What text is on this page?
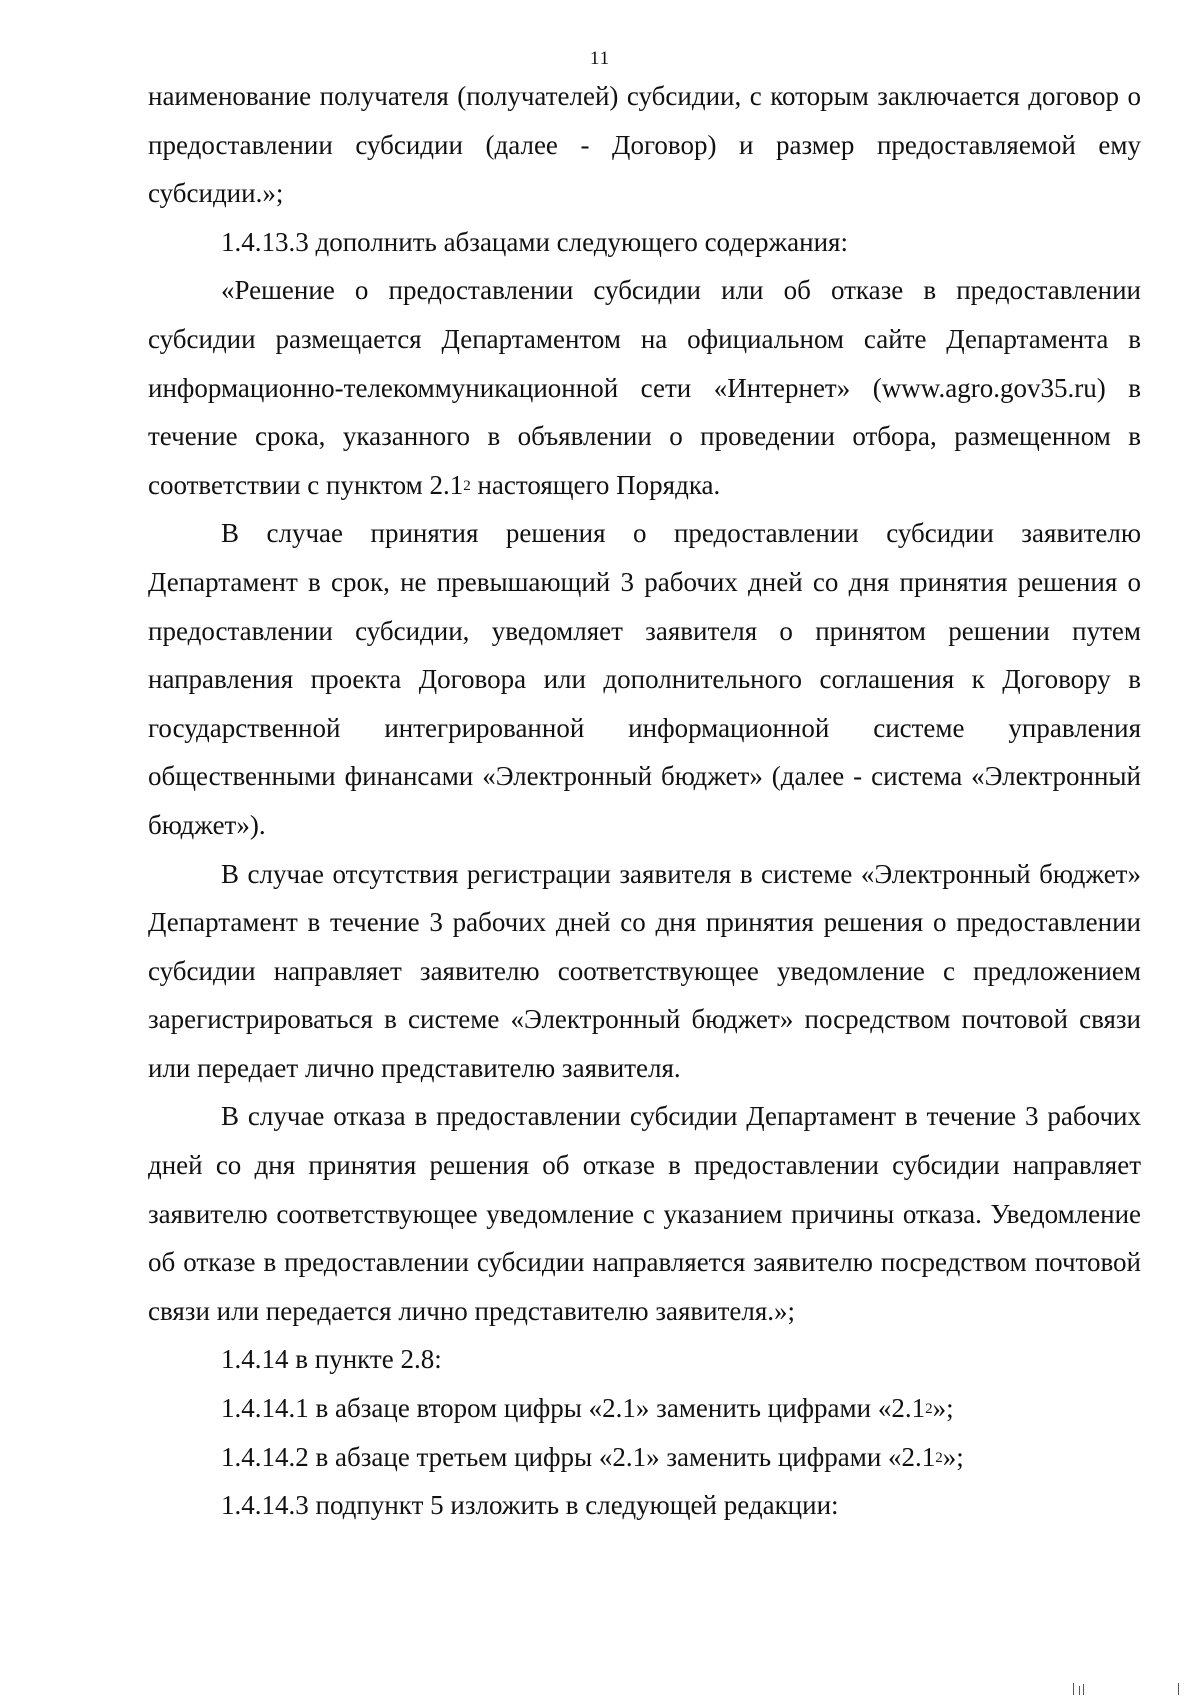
11

наименование получателя (получателей) субсидии, с которым заключается договор о предоставлении субсидии (далее - Договор) и размер предоставляемой ему субсидии.»;

1.4.13.3 дополнить абзацами следующего содержания:

«Решение о предоставлении субсидии или об отказе в предоставлении субсидии размещается Департаментом на официальном сайте Департамента в информационно-телекоммуникационной сети «Интернет» (www.agro.gov35.ru) в течение срока, указанного в объявлении о проведении отбора, размещенном в соответствии с пунктом $2.1^2$ настоящего Порядка.

В случае принятия решения о предоставлении субсидии заявителю Департамент в срок, не превышающий 3 рабочих дней со дня принятия решения о предоставлении субсидии, уведомляет заявителя о принятом решении путем направления проекта Договора или дополнительного соглашения к Договору в государственной интегрированной информационной системе управления общественными финансами «Электронный бюджет» (далее - система «Электронный бюджет»).

В случае отсутствия регистрации заявителя в системе «Электронный бюджет» Департамент в течение 3 рабочих дней со дня принятия решения о предоставлении субсидии направляет заявителю соответствующее уведомление с предложением зарегистрироваться в системе «Электронный бюджет» посредством почтовой связи или передает лично представителю заявителя.

В случае отказа в предоставлении субсидии Департамент в течение 3 рабочих дней со дня принятия решения об отказе в предоставлении субсидии направляет заявителю соответствующее уведомление с указанием причины отказа. Уведомление об отказе в предоставлении субсидии направляется заявителю посредством почтовой связи или передается лично представителю заявителя.»;

1.4.14 в пункте 2.8:

1.4.14.1 в абзаце втором цифры «2.1» заменить цифрами «$2.1^2$»;

1.4.14.2 в абзаце третьем цифры «2.1» заменить цифрами «$2.1^2$»;

1.4.14.3 подпункт 5 изложить в следующей редакции:
